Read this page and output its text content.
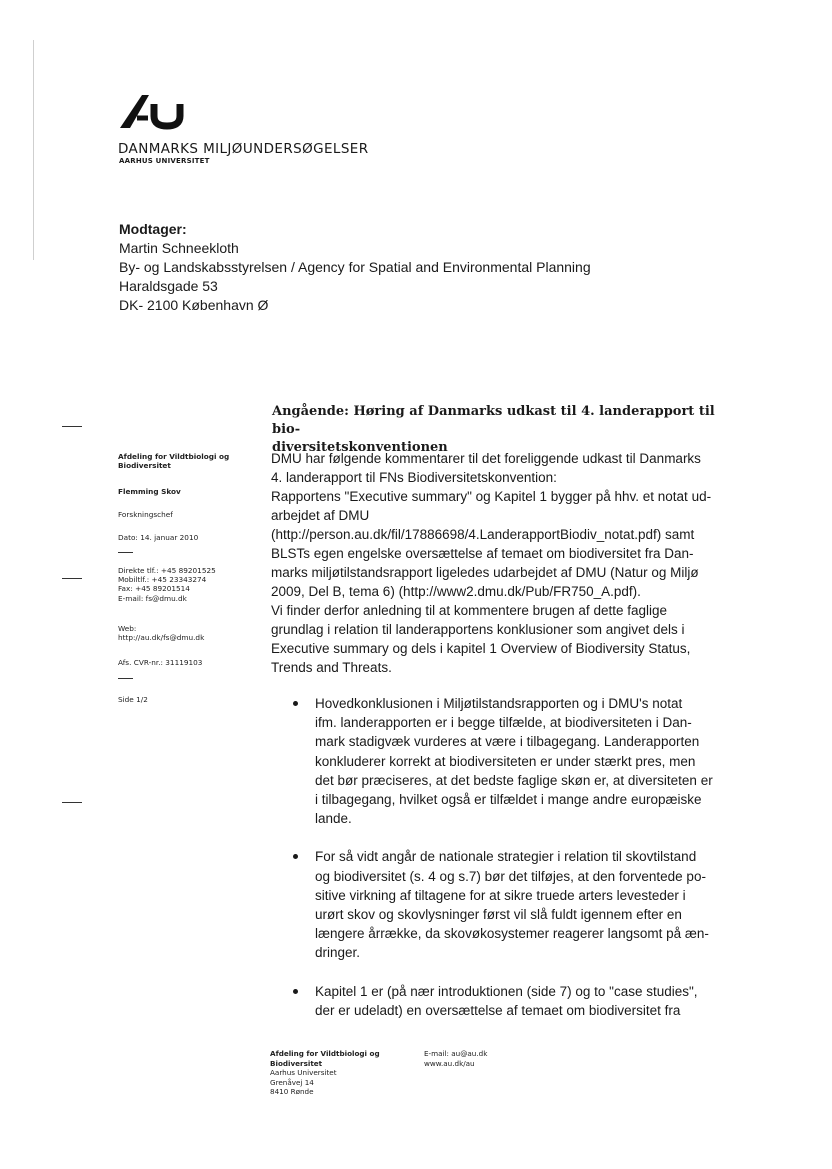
DANMARKS MILJØUNDERSØGELSER
AARHUS UNIVERSITET

Modtager:

Martin Schneekloth

By- og Landskabsstyrelsen / Agency for Spatial and Environmental Planning

Haraldsgade 53

DK- 2100 København Ø

Afdeling for Vildtbiologi og
Biodiversitet
Flemming Skov
Forskningschef
Dato: 14. januar 2010
Direkte tlf.: +45 89201525
Mobiltlf.: +45 23343274
Fax: +45 89201514
E-mail: fs@dmu.dk
Web:
http://au.dk/fs@dmu.dk
Afs. CVR-nr.: 31119103
Side 1/2
Angående: Høring af Danmarks udkast til 4. landerapport til bio-
diversitetskonventionen

DMU har følgende kommentarer til det foreliggende udkast til Danmarks

4. landerapport til FNs Biodiversitetskonvention:

Rapportens "Executive summary" og Kapitel 1 bygger på hhv. et notat ud-

arbejdet af DMU

(http://person.au.dk/fil/17886698/4.LanderapportBiodiv_notat.pdf) samt

BLSTs egen engelske oversættelse af temaet om biodiversitet fra Dan-

marks miljøtilstandsrapport ligeledes udarbejdet af DMU (Natur og Miljø

2009, Del B, tema 6) (http://www2.dmu.dk/Pub/FR750_A.pdf).

Vi finder derfor anledning til at kommentere brugen af dette faglige

grundlag i relation til landerapportens konklusioner som angivet dels i

Executive summary og dels i kapitel 1 Overview of Biodiversity Status,

Trends and Threats.

Hovedkonklusionen i Miljøtilstandsrapporten og i DMU's notat

ifm. landerapporten er i begge tilfælde, at biodiversiteten i Dan-

mark stadigvæk vurderes at være i tilbagegang. Landerapporten

konkluderer korrekt at biodiversiteten er under stærkt pres, men

det bør præciseres, at det bedste faglige skøn er, at diversiteten er

i tilbagegang, hvilket også er tilfældet i mange andre europæiske

lande.

For så vidt angår de nationale strategier i relation til skovtilstand

og biodiversitet (s. 4 og s.7) bør det tilføjes, at den forventede po-

sitive virkning af tiltagene for at sikre truede arters levesteder i

urørt skov og skovlysninger først vil slå fuldt igennem efter en

længere årrække, da skovøkosystemer reagerer langsomt på æn-

dringer.

Kapitel 1 er (på nær introduktionen (side 7) og to "case studies",

der er udeladt) en oversættelse af temaet om biodiversitet fra

Afdeling for Vildtbiologi og

Biodiversitet

Aarhus Universitet

Grenåvej 14

8410 Rønde

E-mail: au@au.dk

www.au.dk/au
